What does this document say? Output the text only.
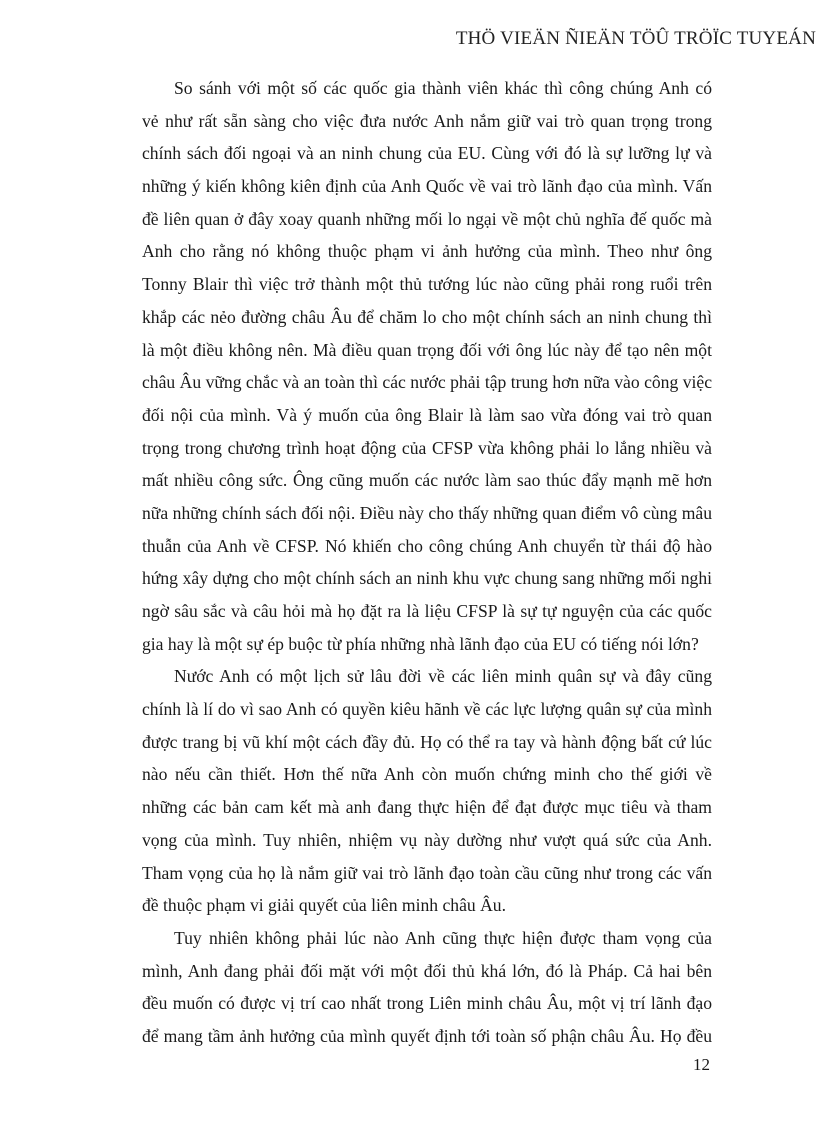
THÖ VIEÄN ÑIEÄN TÖÛ TRÖÏC TUYEÁN
So sánh với một số các quốc gia thành viên khác thì công chúng Anh có
vẻ như rất sẵn sàng cho việc đưa nước Anh nắm giữ vai trò quan trọng trong
chính sách đối ngoại và an ninh chung của EU. Cùng với đó là sự lưỡng lự và
những ý kiến không kiên định của Anh Quốc về vai trò lãnh đạo của mình. Vấn
đề liên quan ở đây xoay quanh những mối lo ngại về một chủ nghĩa đế quốc mà
Anh cho rằng nó không thuộc phạm vi ảnh hưởng của mình. Theo như ông
Tonny Blair thì việc trở thành một thủ tướng lúc nào cũng phải rong ruổi trên
khắp các nẻo đường châu Âu để chăm lo cho một chính sách an ninh chung thì
là một điều không nên. Mà điều quan trọng đối với ông lúc này để tạo nên một
châu Âu vững chắc và an toàn thì các nước phải tập trung hơn nữa vào công việc
đối nội của mình. Và ý muốn của ông Blair là làm sao vừa đóng vai trò quan
trọng trong chương trình hoạt động của CFSP vừa không phải lo lắng nhiều và
mất nhiều công sức. Ông cũng muốn các nước làm sao thúc đẩy mạnh mẽ hơn
nữa những chính sách đối nội. Điều này cho thấy những quan điểm vô cùng mâu
thuẫn của Anh về CFSP. Nó khiến cho công chúng Anh chuyển từ thái độ hào
hứng xây dựng cho một chính sách an ninh khu vực chung sang những mối nghi
ngờ sâu sắc và câu hỏi mà họ đặt ra là liệu CFSP là sự tự nguyện của các quốc
gia hay là một sự ép buộc từ phía những nhà lãnh đạo của EU có tiếng nói lớn?
Nước Anh có một lịch sử lâu đời về các liên minh quân sự và đây cũng
chính là lí do vì sao Anh có quyền kiêu hãnh về các lực lượng quân sự của mình
được trang bị vũ khí một cách đầy đủ. Họ có thể ra tay và hành động bất cứ lúc
nào nếu cần thiết. Hơn thế nữa Anh còn muốn chứng minh cho thế giới về
những các bản cam kết mà anh đang thực hiện để đạt được mục tiêu và tham
vọng của mình. Tuy nhiên, nhiệm vụ này dường như vượt quá sức của Anh.
Tham vọng của họ là nắm giữ vai trò lãnh đạo toàn cầu cũng như trong các vấn
đề thuộc phạm vi giải quyết của liên minh châu Âu.
Tuy nhiên không phải lúc nào Anh cũng thực hiện được tham vọng của
mình, Anh đang phải đối mặt với một đối thủ khá lớn, đó là Pháp. Cả hai bên
đều muốn có được vị trí cao nhất trong Liên minh châu Âu, một vị trí lãnh đạo
để mang tầm ảnh hưởng của mình quyết định tới toàn số phận châu Âu. Họ đều
12
